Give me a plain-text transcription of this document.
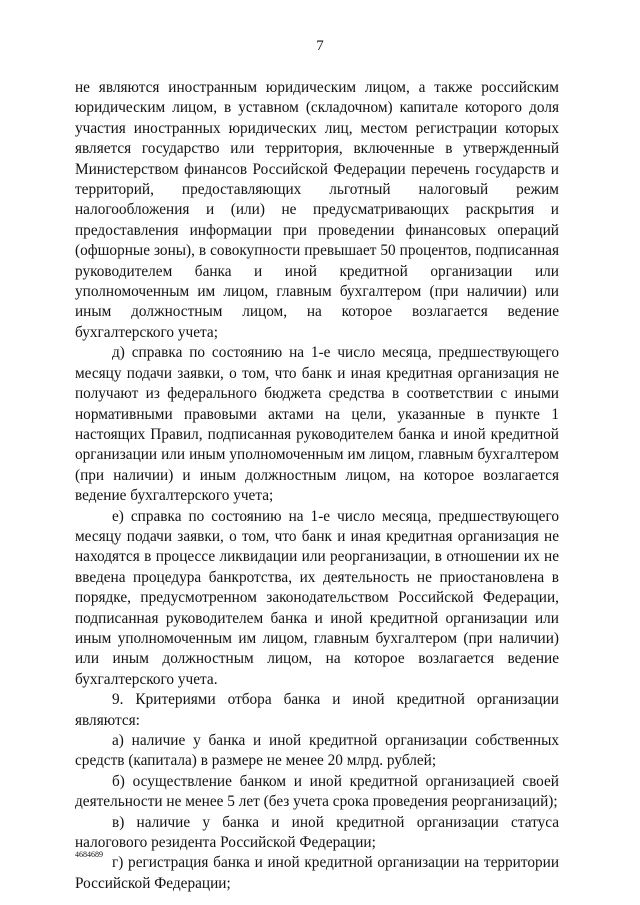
7

не являются иностранным юридическим лицом, а также российским юридическим лицом, в уставном (складочном) капитале которого доля участия иностранных юридических лиц, местом регистрации которых является государство или территория, включенные в утвержденный Министерством финансов Российской Федерации перечень государств и территорий, предоставляющих льготный налоговый режим налогообложения и (или) не предусматривающих раскрытия и предоставления информации при проведении финансовых операций (офшорные зоны), в совокупности превышает 50 процентов, подписанная руководителем банка и иной кредитной организации или уполномоченным им лицом, главным бухгалтером (при наличии) или иным должностным лицом, на которое возлагается ведение бухгалтерского учета;

д) справка по состоянию на 1-е число месяца, предшествующего месяцу подачи заявки, о том, что банк и иная кредитная организация не получают из федерального бюджета средства в соответствии с иными нормативными правовыми актами на цели, указанные в пункте 1 настоящих Правил, подписанная руководителем банка и иной кредитной организации или иным уполномоченным им лицом, главным бухгалтером (при наличии) и иным должностным лицом, на которое возлагается ведение бухгалтерского учета;

е) справка по состоянию на 1-е число месяца, предшествующего месяцу подачи заявки, о том, что банк и иная кредитная организация не находятся в процессе ликвидации или реорганизации, в отношении их не введена процедура банкротства, их деятельность не приостановлена в порядке, предусмотренном законодательством Российской Федерации, подписанная руководителем банка и иной кредитной организации или иным уполномоченным им лицом, главным бухгалтером (при наличии) или иным должностным лицом, на которое возлагается ведение бухгалтерского учета.

9. Критериями отбора банка и иной кредитной организации являются:

а) наличие у банка и иной кредитной организации собственных средств (капитала) в размере не менее 20 млрд. рублей;

б) осуществление банком и иной кредитной организацией своей деятельности не менее 5 лет (без учета срока проведения реорганизаций);

в) наличие у банка и иной кредитной организации статуса налогового резидента Российской Федерации;

г) регистрация банка и иной кредитной организации на территории Российской Федерации;

4684689
